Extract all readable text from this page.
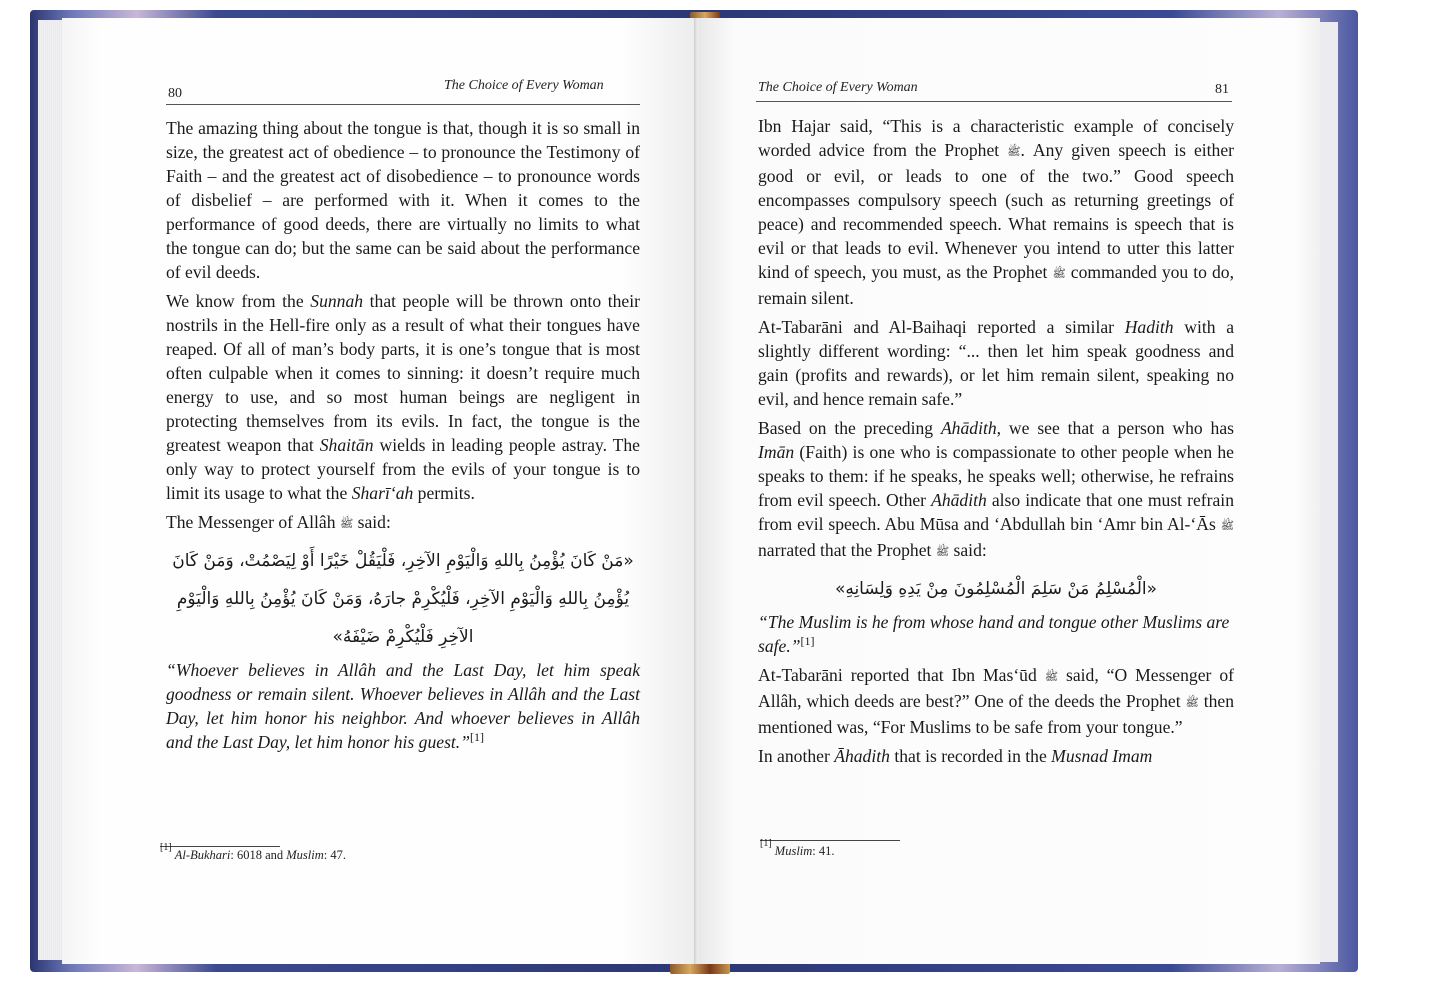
80
The Choice of Every Woman

The amazing thing about the tongue is that, though it is so small in size, the greatest act of obedience – to pronounce the Testimony of Faith – and the greatest act of disobedience – to pronounce words of disbelief – are performed with it. When it comes to the performance of good deeds, there are virtually no limits to what the tongue can do; but the same can be said about the performance of evil deeds.

We know from the Sunnah that people will be thrown onto their nostrils in the Hell-fire only as a result of what their tongues have reaped. Of all of man’s body parts, it is one’s tongue that is most often culpable when it comes to sinning: it doesn’t require much energy to use, and so most human beings are negligent in protecting themselves from its evils. In fact, the tongue is the greatest weapon that Shaitān wields in leading people astray. The only way to protect yourself from the evils of your tongue is to limit its usage to what the Sharī‘ah permits.

The Messenger of Allâh ﷺ said:

«مَنْ كَانَ يُؤْمِنُ بِاللهِ وَالْيَوْمِ الآخِرِ، فَلْيَقُلْ خَيْرًا أَوْ لِيَصْمُتْ، وَمَنْ كَانَ يُؤْمِنُ بِاللهِ وَالْيَوْمِ الآخِرِ، فَلْيُكْرِمْ جارَهُ، وَمَنْ كَانَ يُؤْمِنُ بِاللهِ وَالْيَوْمِ الآخِرِ فَلْيُكْرِمْ ضَيْفَهُ»

“Whoever believes in Allâh and the Last Day, let him speak goodness or remain silent. Whoever believes in Allâh and the Last Day, let him honor his neighbor. And whoever believes in Allâh and the Last Day, let him honor his guest.”[1]

[1] Al-Bukhari: 6018 and Muslim: 47.
The Choice of Every Woman	81

Ibn Hajar said, “This is a characteristic example of concisely worded advice from the Prophet ﷺ. Any given speech is either good or evil, or leads to one of the two.” Good speech encompasses compulsory speech (such as returning greetings of peace) and recommended speech. What remains is speech that is evil or that leads to evil. Whenever you intend to utter this latter kind of speech, you must, as the Prophet ﷺ commanded you to do, remain silent.

At-Tabarāni and Al-Baihaqi reported a similar Hadith with a slightly different wording: “... then let him speak goodness and gain (profits and rewards), or let him remain silent, speaking no evil, and hence remain safe.”

Based on the preceding Ahādith, we see that a person who has Imān (Faith) is one who is compassionate to other people when he speaks to them: if he speaks, he speaks well; otherwise, he refrains from evil speech. Other Ahādith also indicate that one must refrain from evil speech. Abu Mūsa and ‘Abdullah bin ‘Amr bin Al-‘Ās ﷺ narrated that the Prophet ﷺ said:

«الْمُسْلِمُ مَنْ سَلِمَ الْمُسْلِمُونَ مِنْ يَدِهِ وَلِسَانِهِ»

“The Muslim is he from whose hand and tongue other Muslims are safe.”[1]

At-Tabarāni reported that Ibn Mas‘ūd ﷺ said, “O Messenger of Allâh, which deeds are best?” One of the deeds the Prophet ﷺ then mentioned was, “For Muslims to be safe from your tongue.”

In another Āhadith that is recorded in the Musnad Imam

[1] Muslim: 41.
